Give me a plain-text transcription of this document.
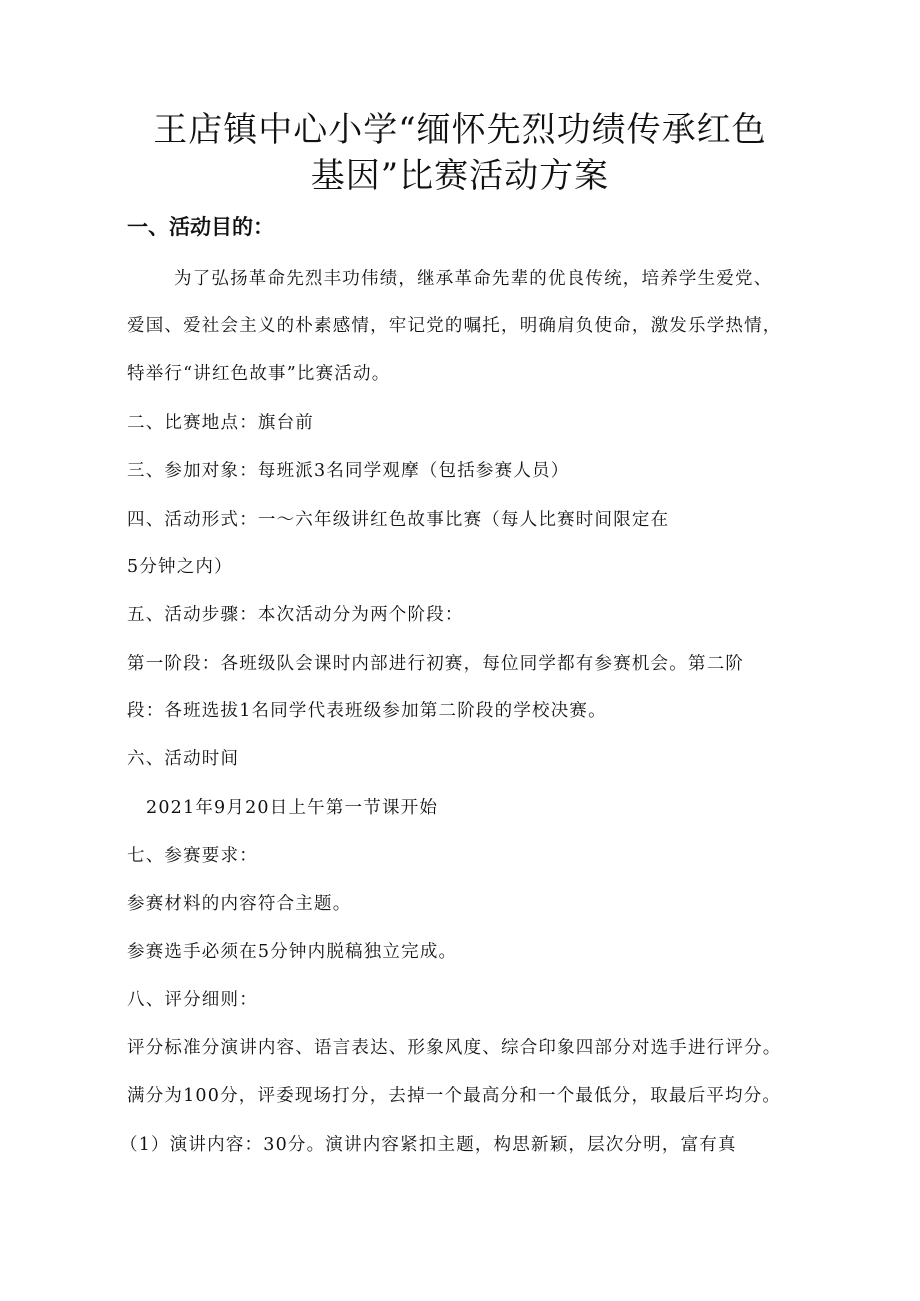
王店镇中心小学“缅怀先烈功绩传承红色
基因”比赛活动方案
一、活动目的：

为了弘扬革命先烈丰功伟绩，继承革命先辈的优良传统，培养学生爱党、

爱国、爱社会主义的朴素感情，牢记党的嘱托，明确肩负使命，激发乐学热情，

特举行“讲红色故事”比赛活动。

二、比赛地点：旗台前

三、参加对象：每班派3名同学观摩（包括参赛人员）

四、活动形式：一～六年级讲红色故事比赛（每人比赛时间限定在

5分钟之内）

五、活动步骤：本次活动分为两个阶段：

第一阶段：各班级队会课时内部进行初赛，每位同学都有参赛机会。第二阶

段：各班选拔1名同学代表班级参加第二阶段的学校决赛。

六、活动时间

2021年9月20日上午第一节课开始

七、参赛要求：

参赛材料的内容符合主题。

参赛选手必须在5分钟内脱稿独立完成。

八、评分细则：

评分标准分演讲内容、语言表达、形象风度、综合印象四部分对选手进行评分。

满分为100分，评委现场打分，去掉一个最高分和一个最低分，取最后平均分。

（1）演讲内容：30分。演讲内容紧扣主题，构思新颖，层次分明，富有真
